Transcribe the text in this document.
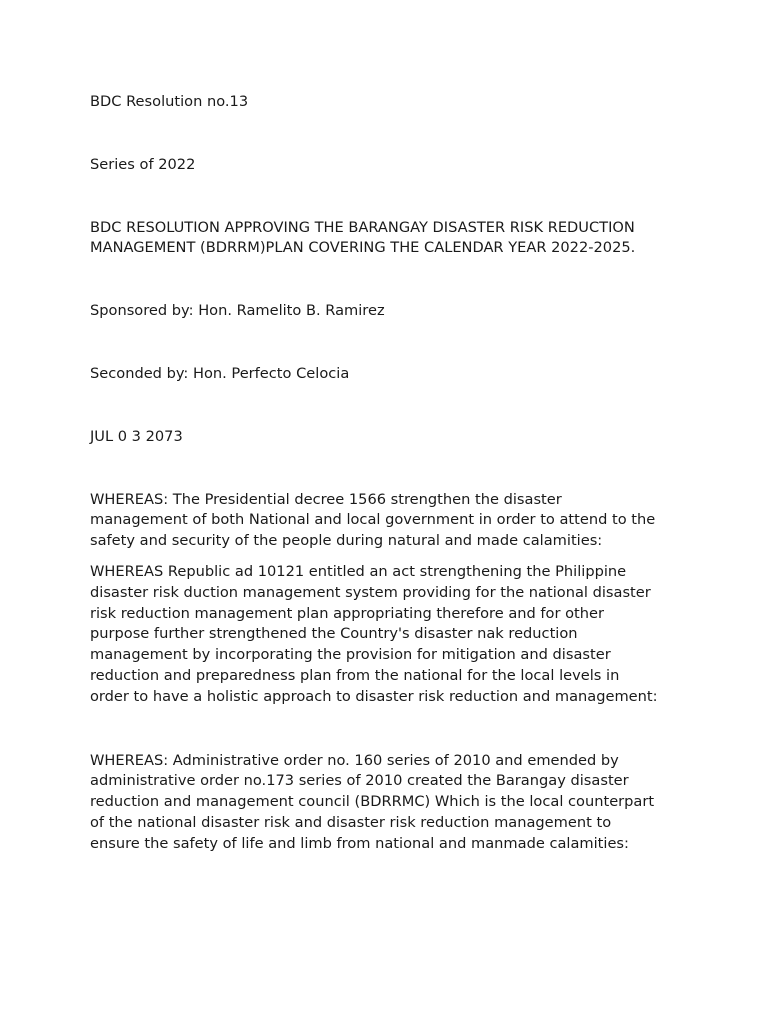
BDC Resolution no.13

Series of 2022

BDC RESOLUTION APPROVING THE BARANGAY DISASTER RISK REDUCTION

MANAGEMENT (BDRRM)PLAN COVERING THE CALENDAR YEAR 2022-2025.

Sponsored by: Hon. Ramelito B. Ramirez

Seconded by: Hon. Perfecto Celocia

JUL 0 3 2073

WHEREAS: The Presidential decree 1566 strengthen the disaster

management of both National and local government in order to attend to the

safety and security of the people during natural and made calamities:

WHEREAS Republic ad 10121 entitled an act strengthening the Philippine

disaster risk duction management system providing for the national disaster

risk reduction management plan appropriating therefore and for other

purpose further strengthened the Country's disaster nak reduction

management by incorporating the provision for mitigation and disaster

reduction and preparedness plan from the national for the local levels in

order to have a holistic approach to disaster risk reduction and management:

WHEREAS: Administrative order no. 160 series of 2010 and emended by

administrative order no.173 series of 2010 created the Barangay disaster

reduction and management council (BDRRMC) Which is the local counterpart

of the national disaster risk and disaster risk reduction management to

ensure the safety of life and limb from national and manmade calamities:
